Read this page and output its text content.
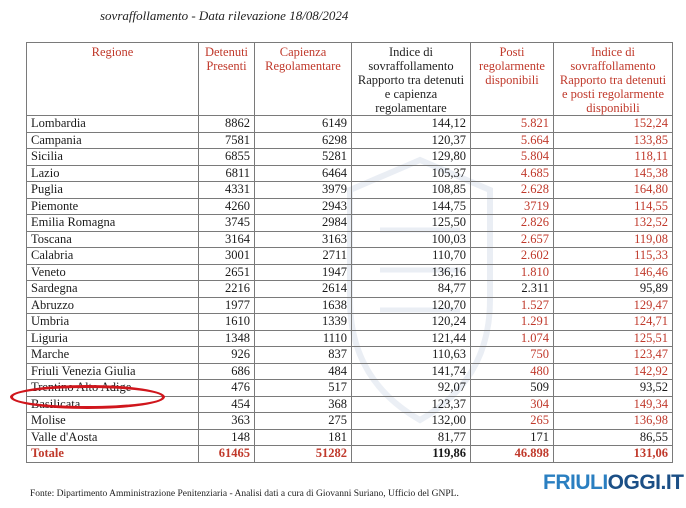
sovraffollamento - Data rilevazione 18/08/2024
Regione	Detenuti Presenti	Capienza Regolamentare	Indice di sovraffollamento Rapporto tra detenuti e capienza regolamentare	Posti regolarmente disponibili	Indice di sovraffollamento Rapporto tra detenuti e posti regolarmente disponibili
Lombardia	8862	6149	144,12	5.821	152,24
Campania	7581	6298	120,37	5.664	133,85
Sicilia	6855	5281	129,80	5.804	118,11
Lazio	6811	6464	105,37	4.685	145,38
Puglia	4331	3979	108,85	2.628	164,80
Piemonte	4260	2943	144,75	3719	114,55
Emilia Romagna	3745	2984	125,50	2.826	132,52
Toscana	3164	3163	100,03	2.657	119,08
Calabria	3001	2711	110,70	2.602	115,33
Veneto	2651	1947	136,16	1.810	146,46
Sardegna	2216	2614	84,77	2.311	95,89
Abruzzo	1977	1638	120,70	1.527	129,47
Umbria	1610	1339	120,24	1.291	124,71
Liguria	1348	1110	121,44	1.074	125,51
Marche	926	837	110,63	750	123,47
Friuli Venezia Giulia	686	484	141,74	480	142,92
Trentino Alto Adige	476	517	92,07	509	93,52
Basilicata	454	368	123,37	304	149,34
Molise	363	275	132,00	265	136,98
Valle d'Aosta	148	181	81,77	171	86,55
Totale	61465	51282	119,86	46.898	131,06
Fonte: Dipartimento Amministrazione Penitenziaria - Analisi dati a cura di Giovanni Suriano, Ufficio del GNPL.	FRIULIOGGI.IT
